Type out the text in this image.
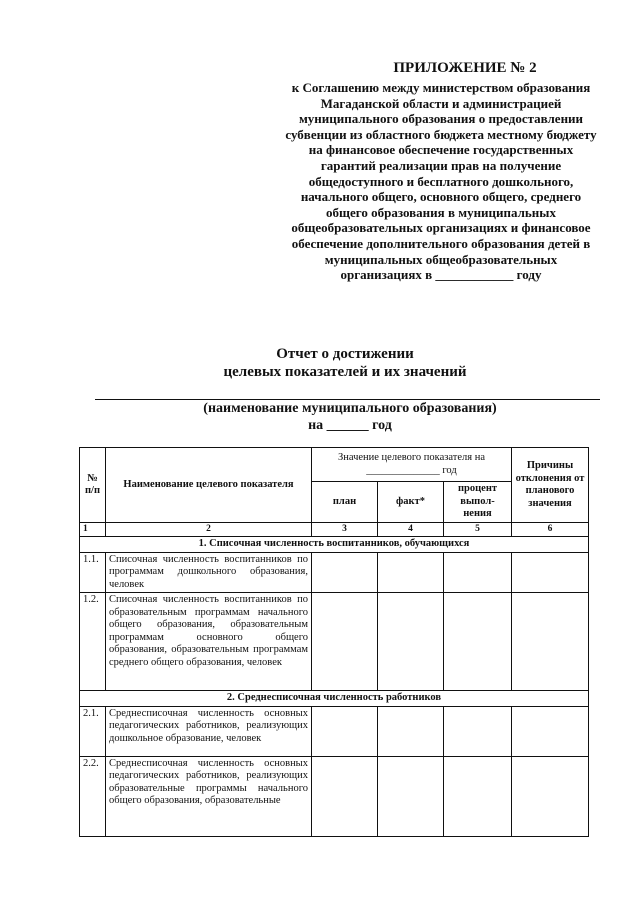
ПРИЛОЖЕНИЕ № 2
к Соглашению между министерством образования Магаданской области и администрацией муниципального образования о предоставлении субвенции из областного бюджета местному бюджету на финансовое обеспечение государственных гарантий реализации прав на получение общедоступного и бесплатного дошкольного, начального общего, основного общего, среднего общего образования в муниципальных общеобразовательных организациях и финансовое обеспечение дополнительного образования детей в муниципальных общеобразовательных организациях в ____________ году
Отчет о достижении
целевых показателей и их значений
(наименование муниципального образования)
на ______ год
№ п/п	Наименование целевого показателя	Значение целевого показателя на ______________ год			Причины отклонения от планового значения
		план	факт*	процент выпол-нения	
1	2	3	4	5	6
1. Списочная численность воспитанников, обучающихся					
1.1.	Списочная численность воспитанников по программам дошкольного образования, человек				
1.2.	Списочная численность воспитанников по образовательным программам начального общего образования, образовательным программам основного общего образования, образовательным программам среднего общего образования, человек				
2. Среднесписочная численность работников					
2.1.	Среднесписочная численность основных педагогических работников, реализующих дошкольное образование, человек				
2.2.	Среднесписочная численность основных педагогических работников, реализующих образовательные программы начального общего образования, образовательные				
